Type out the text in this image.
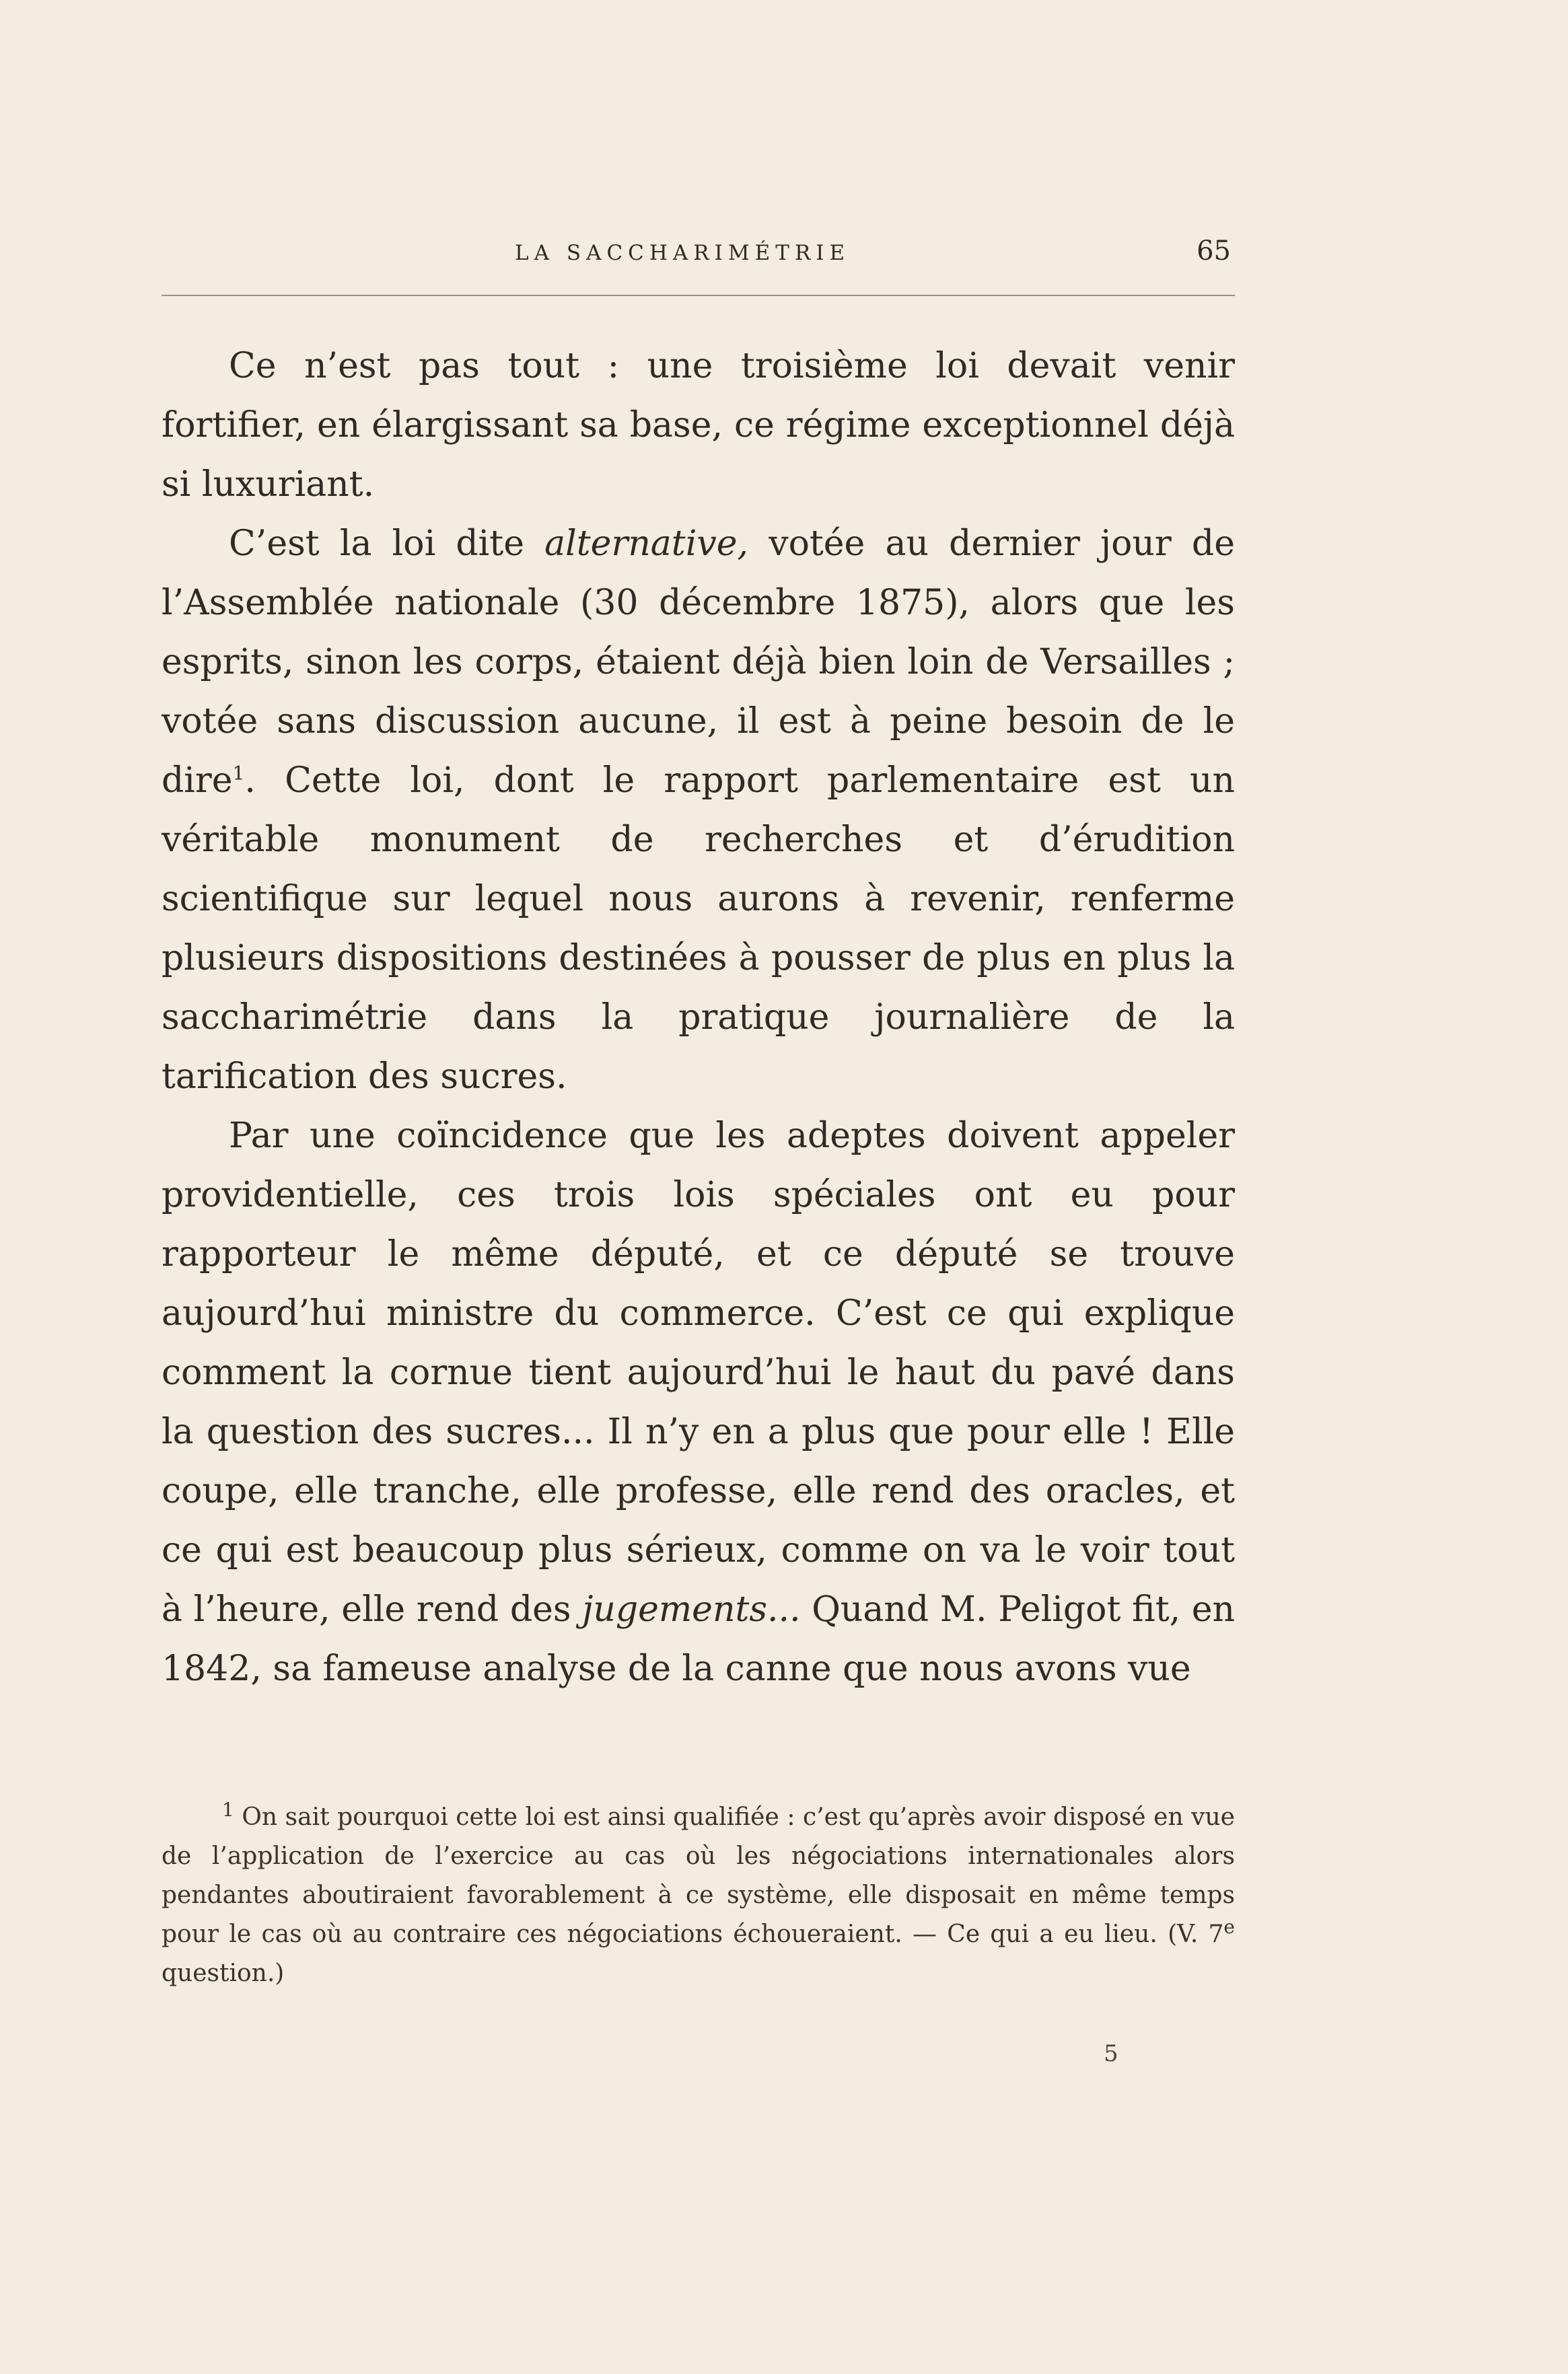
LA SACCHARIMÉTRIE	65

Ce n’est pas tout : une troisième loi devait venir fortifier, en élargissant sa base, ce régime exceptionnel déjà si luxuriant.

C’est la loi dite alternative, votée au dernier jour de l’Assemblée nationale (30 décembre 1875), alors que les esprits, sinon les corps, étaient déjà bien loin de Versailles ; votée sans discussion aucune, il est à peine besoin de le dire$^1$. Cette loi, dont le rapport parlementaire est un véritable monument de recherches et d’érudition scientifique sur lequel nous aurons à revenir, renferme plusieurs dispositions destinées à pousser de plus en plus la saccharimétrie dans la pratique journalière de la tarification des sucres.

Par une coïncidence que les adeptes doivent appeler providentielle, ces trois lois spéciales ont eu pour rapporteur le même député, et ce député se trouve aujourd’hui ministre du commerce. C’est ce qui explique comment la cornue tient aujourd’hui le haut du pavé dans la question des sucres... Il n’y en a plus que pour elle ! Elle coupe, elle tranche, elle professe, elle rend des oracles, et ce qui est beaucoup plus sérieux, comme on va le voir tout à l’heure, elle rend des jugements... Quand M. Peligot fit, en 1842, sa fameuse analyse de la canne que nous avons vue

$^1$ On sait pourquoi cette loi est ainsi qualifiée : c’est qu’après avoir disposé en vue de l’application de l’exercice au cas où les négociations internationales alors pendantes aboutiraient favorablement à ce système, elle disposait en même temps pour le cas où au contraire ces négociations échoueraient. — Ce qui a eu lieu. (V. 7e question.)

5
